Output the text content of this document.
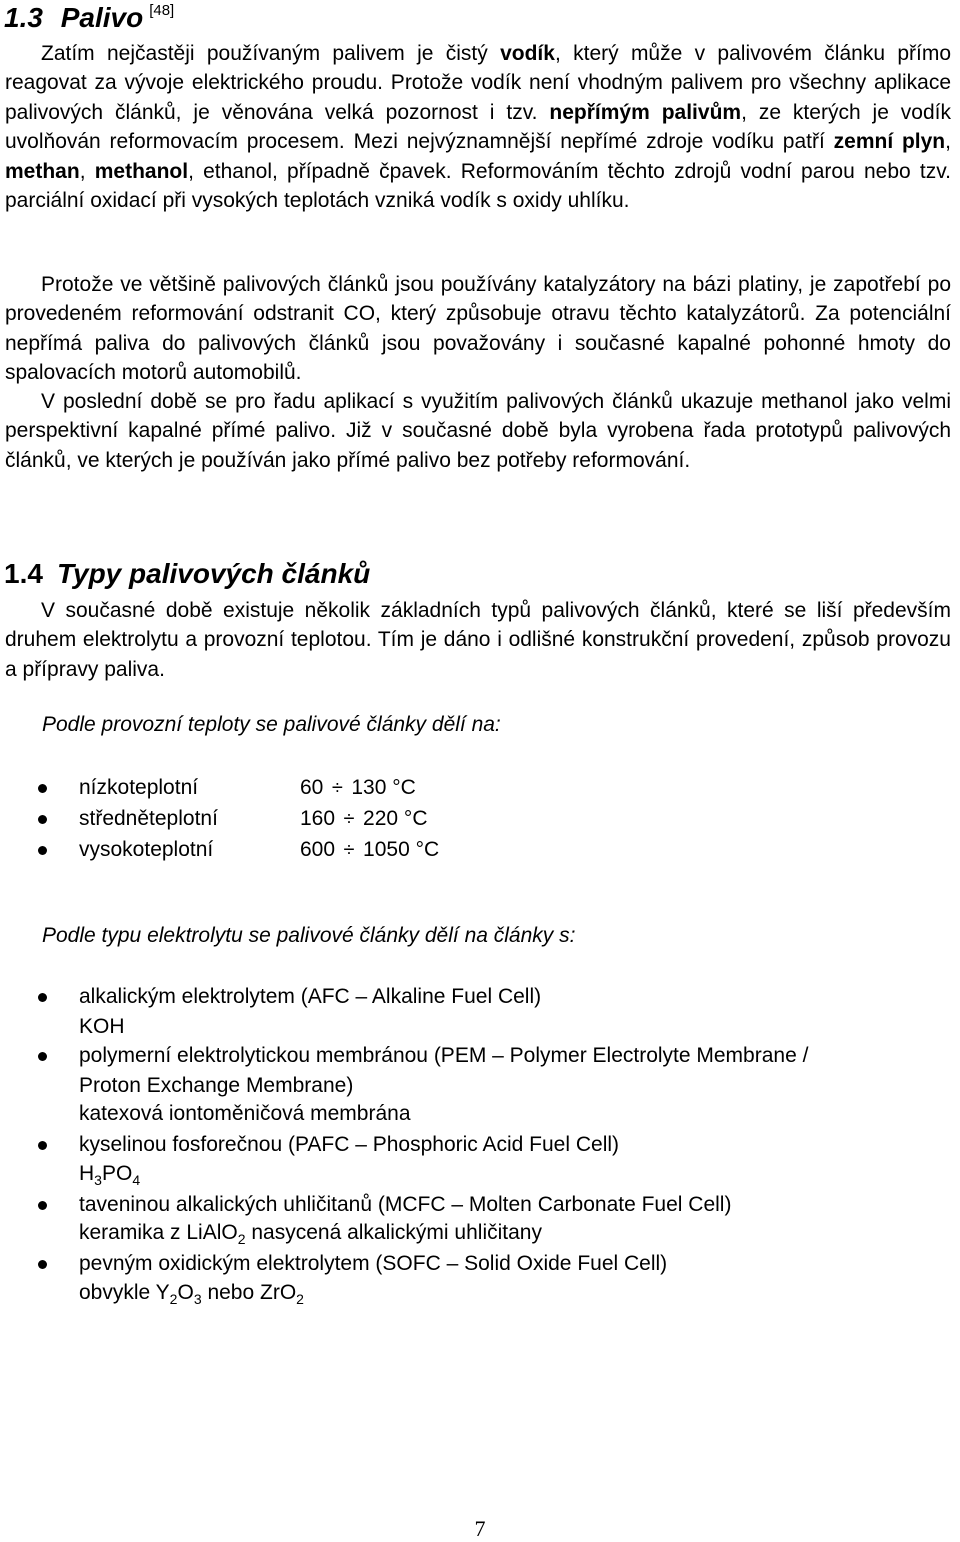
1.3 Palivo [48]
Zatím nejčastěji používaným palivem je čistý vodík, který může v palivovém článku přímo reagovat za vývoje elektrického proudu. Protože vodík není vhodným palivem pro všechny aplikace palivových článků, je věnována velká pozornost i tzv. nepřímým palivům, ze kterých je vodík uvolňován reformovacím procesem. Mezi nejvýznamnější nepřímé zdroje vodíku patří zemní plyn, methan, methanol, ethanol, případně čpavek. Reformováním těchto zdrojů vodní parou nebo tzv. parciální oxidací při vysokých teplotách vzniká vodík s oxidy uhlíku.
Protože ve většině palivových článků jsou používány katalyzátory na bázi platiny, je zapotřebí po provedeném reformování odstranit CO, který způsobuje otravu těchto katalyzátorů. Za potenciální nepřímá paliva do palivových článků jsou považovány i současné kapalné pohonné hmoty do spalovacích motorů automobilů.
V poslední době se pro řadu aplikací s využitím palivových článků ukazuje methanol jako velmi perspektivní kapalné přímé palivo. Již v současné době byla vyrobena řada prototypů palivových článků, ve kterých je používán jako přímé palivo bez potřeby reformování.
1.4 Typy palivových článků
V současné době existuje několik základních typů palivových článků, které se liší především druhem elektrolytu a provozní teplotou. Tím je dáno i odlišné konstrukční provedení, způsob provozu a přípravy paliva.
Podle provozní teploty se palivové články dělí na:
nízkoteplotní	60 ÷ 130 °C
středněteplotní	160 ÷ 220 °C
vysokoteplotní	600 ÷ 1050 °C
Podle typu elektrolytu se palivové články dělí na články s:
alkalickým elektrolytem (AFC – Alkaline Fuel Cell)
KOH
polymerní elektrolytickou membránou (PEM – Polymer Electrolyte Membrane /
Proton Exchange Membrane)
katexová iontoměničová membrána
kyselinou fosforečnou (PAFC – Phosphoric Acid Fuel Cell)
$H_3PO_4$
taveninou alkalických uhličitanů (MCFC – Molten Carbonate Fuel Cell)
keramika z LiAlO$_2$ nasycená alkalickými uhličitany
pevným oxidickým elektrolytem (SOFC – Solid Oxide Fuel Cell)
obvykle $Y_2O_3$ nebo ZrO$_2$
7
